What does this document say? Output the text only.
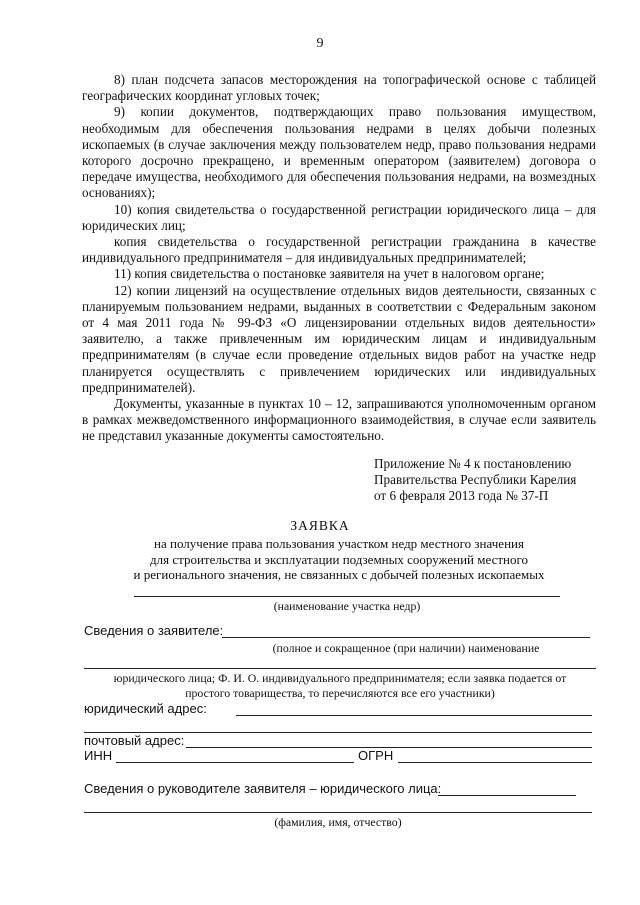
9

8) план подсчета запасов месторождения на топографической основе с таблицей географических координат угловых точек;

9) копии документов, подтверждающих право пользования имуществом, необходимым для обеспечения пользования недрами в целях добычи полезных ископаемых (в случае заключения между пользователем недр, право пользования недрами которого досрочно прекращено, и временным оператором (заявителем) договора о передаче имущества, необходимого для обеспечения пользования недрами, на возмездных основаниях);

10) копия свидетельства о государственной регистрации юридического лица – для юридических лиц;

копия свидетельства о государственной регистрации гражданина в качестве индивидуального предпринимателя – для индивидуальных предпринимателей;

11) копия свидетельства о постановке заявителя на учет в налоговом органе;

12) копии лицензий на осуществление отдельных видов деятельности, связанных с планируемым пользованием недрами, выданных в соответствии с Федеральным законом от 4 мая 2011 года № 99-ФЗ «О лицензировании отдельных видов деятельности» заявителю, а также привлеченным им юридическим лицам и индивидуальным предпринимателям (в случае если проведение отдельных видов работ на участке недр планируется осуществлять с привлечением юридических или индивидуальных предпринимателей).

Документы, указанные в пунктах 10 – 12, запрашиваются уполномоченным органом в рамках межведомственного информационного взаимодействия, в случае если заявитель не представил указанные документы самостоятельно.

Приложение № 4 к постановлению
Правительства Республики Карелия
от 6 февраля 2013 года № 37-П
ЗАЯВКА
на получение права пользования участком недр местного значения
для строительства и эксплуатации подземных сооружений местного
и регионального значения, не связанных с добычей полезных ископаемых
(наименование участка недр)
Сведения о заявителе:
(полное и сокращенное (при наличии) наименование
юридического лица; Ф. И. О. индивидуального предпринимателя; если заявка подается от
простого товарищества, то перечисляются все его участники)
юридический адрес:
почтовый адрес:
ИНН	ОГРН
Сведения о руководителе заявителя – юридического лица:
(фамилия, имя, отчество)
